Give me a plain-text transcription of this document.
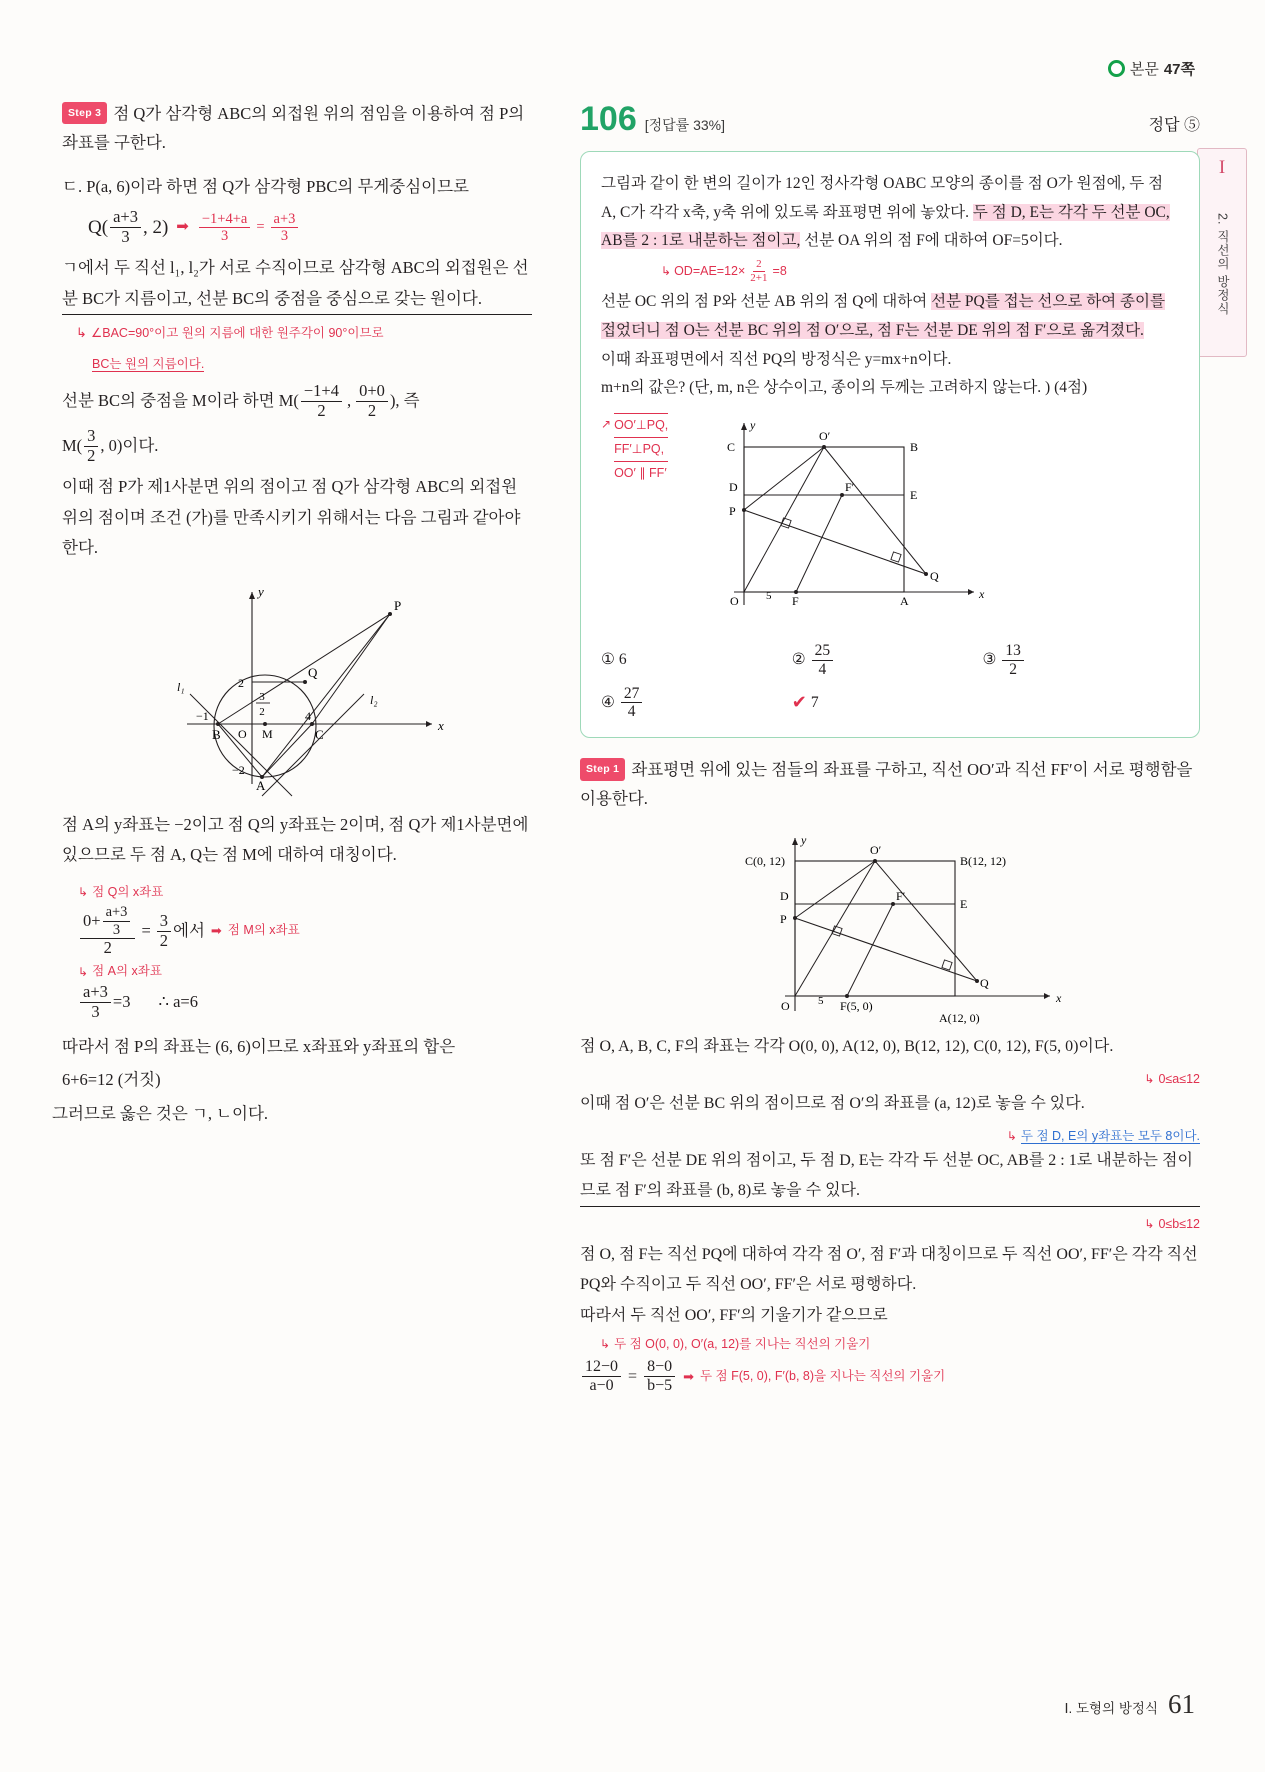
본문 47쪽
I
2. 직선의 방정식
Step 3 점 Q가 삼각형 ABC의 외접원 위의 점임을 이용하여 점 P의 좌표를 구한다.

ㄷ. P(a, 6)이라 하면 점 Q가 삼각형 PBC의 무게중심이므로

$Q( \frac{a+3}{3}$ , 2) ➡ $\frac{-1+4+a}{3} = \frac{a+3}{3}$

ㄱ에서 두 직선 l₁, l₂가 서로 수직이므로 삼각형 ABC의 외접원은 선분 BC가 지름이고, 선분 BC의 중점을 중심으로 갖는 원이다.

↳ ∠BAC=90°이고 원의 지름에 대한 원주각이 90°이므로
BC는 원의 지름이다.
선분 BC의 중점을 M이라 하면 $M( \frac{-1+4}{2}$ , $\frac{0+0}{2}$ ), 즉
$M( \frac{3}{2}$ , 0)이다.

이때 점 P가 제1사분면 위의 점이고 점 Q가 삼각형 ABC의 외접원 위의 점이며 조건 (가)를 만족시키기 위해서는 다음 그림과 같아야 한다.

x
y
l₁
l₂
P
Q
B	C
A
O M
2
−1	4
−2
3
2

점 A의 y좌표는 −2이고 점 Q의 y좌표는 2이며, 점 Q가 제1사분면에 있으므로 두 점 A, Q는 점 M에 대하여 대칭이다.

↳ 점 Q의 x좌표
$\frac{0+ \frac{a+3}{3}}{2} = \frac{3}{2}$ 에서 ➡ 점 M의 x좌표
↳ 점 A의 x좌표
$\frac{a+3}{3} =3$ ∴ a=6

따라서 점 P의 좌표는 (6, 6)이므로 x좌표와 y좌표의 합은

6+6=12 (거짓)

그러므로 옳은 것은 ㄱ, ㄴ이다.

106 [정답률 33%]	정답 ⑤
그림과 같이 한 변의 길이가 12인 정사각형 OABC 모양의 종이를 점 O가 원점에, 두 점 A, C가 각각 x축, y축 위에 있도록 좌표평면 위에 놓았다. 두 점 D, E는 각각 두 선분 OC, AB를 2 : 1로 내분하는 점이고, 선분 OA 위의 점 F에 대하여 OF=5이다.
↳ $OD=AE=12\times \frac{2}{2+1} =8$
선분 OC 위의 점 P와 선분 AB 위의 점 Q에 대하여 선분 PQ를 접는 선으로 하여 종이를 접었더니 점 O는 선분 BC 위의 점 O′으로, 점 F는 선분 DE 위의 점 F′으로 옮겨졌다.
이때 좌표평면에서 직선 PQ의 방정식은 y=mx+n이다.
m+n의 값은? (단, m, n은 상수이고, 종이의 두께는 고려하지 않는다. ) (4점)
↗ OO′⊥PQ,
FF′⊥PQ,
OO′ ∥ FF′
x
y
C	B
O′
D
E
F′
P
Q
O	F	A
5
① 6	② $\frac{25}{4}$	③ $\frac{13}{2}$
④ $\frac{27}{4}$	✔ 7
Step 1 좌표평면 위에 있는 점들의 좌표를 구하고, 직선 OO′과 직선 FF′이 서로 평행함을 이용한다.
x
y
C(0, 12)	B(12, 12)
O′
D
E
F′
P
Q
O	F(5, 0)
A(12, 0)
5

점 O, A, B, C, F의 좌표는 각각 O(0, 0), A(12, 0), B(12, 12), C(0, 12), F(5, 0)이다.

↳ 0≤a≤12

이때 점 O′은 선분 BC 위의 점이므로 점 O′의 좌표를 (a, 12)로 놓을 수 있다.

↳ 두 점 D, E의 y좌표는 모두 8이다.

또 점 F′은 선분 DE 위의 점이고, 두 점 D, E는 각각 두 선분 OC, AB를 2 : 1로 내분하는 점이므로 점 F′의 좌표를 (b, 8)로 놓을 수 있다.

↳ 0≤b≤12

점 O, 점 F는 직선 PQ에 대하여 각각 점 O′, 점 F′과 대칭이므로 두 직선 OO′, FF′은 각각 직선 PQ와 수직이고 두 직선 OO′, FF′은 서로 평행하다.

따라서 두 직선 OO′, FF′의 기울기가 같으므로

↳ 두 점 O(0, 0), O′(a, 12)를 지나는 직선의 기울기
$\frac{12-0}{a-0} = \frac{8-0}{b-5}$ ➡ 두 점 F(5, 0), F′(b, 8)을 지나는 직선의 기울기
Ⅰ. 도형의 방정식 61
